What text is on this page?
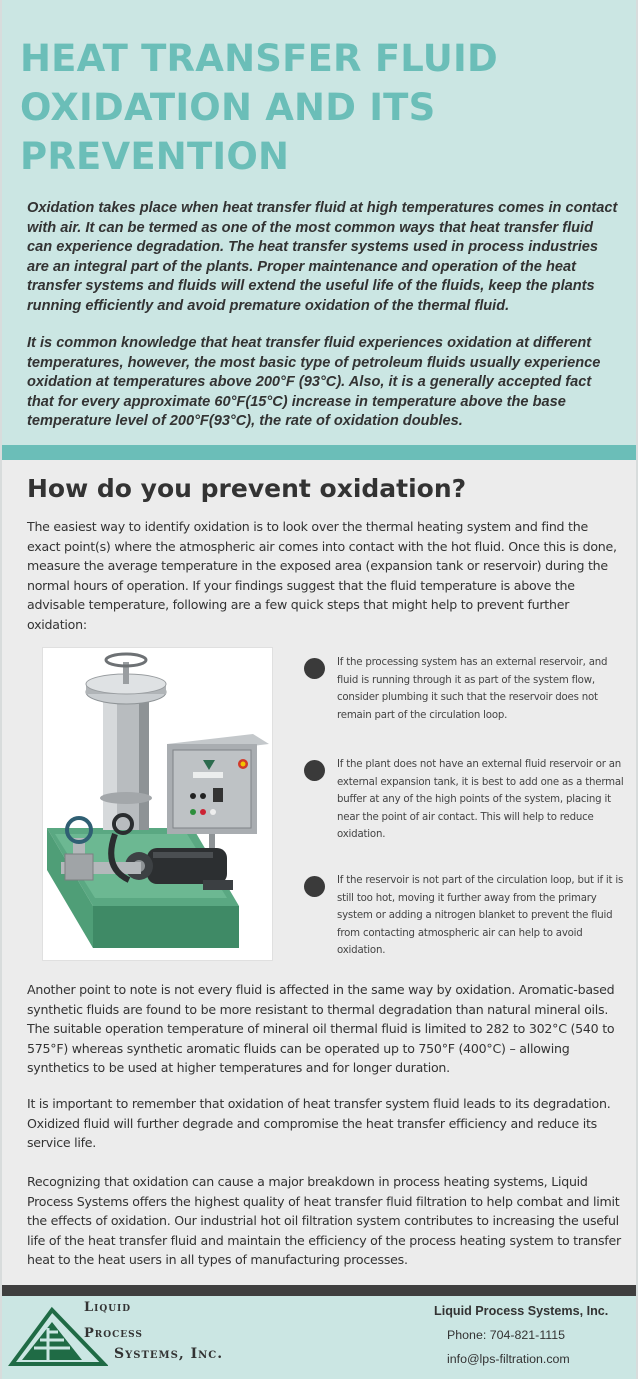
HEAT TRANSFER FLUID
OXIDATION AND ITS
PREVENTION

Oxidation takes place when heat transfer fluid at high temperatures comes in contact with air. It can be termed as one of the most common ways that heat transfer fluid can experience degradation. The heat transfer systems used in process industries are an integral part of the plants. Proper maintenance and operation of the heat transfer systems and fluids will extend the useful life of the fluids, keep the plants running efficiently and avoid premature oxidation of the thermal fluid.

It is common knowledge that heat transfer fluid experiences oxidation at different temperatures, however, the most basic type of petroleum fluids usually experience oxidation at temperatures above 200°F (93°C). Also, it is a generally accepted fact that for every approximate 60°F(15°C) increase in temperature above the base temperature level of 200°F(93°C), the rate of oxidation doubles.

How do you prevent oxidation?

The easiest way to identify oxidation is to look over the thermal heating system and find the exact point(s) where the atmospheric air comes into contact with the hot fluid. Once this is done, measure the average temperature in the exposed area (expansion tank or reservoir) during the normal hours of operation. If your findings suggest that the fluid temperature is above the advisable temperature, following are a few quick steps that might help to prevent further oxidation:

If the processing system has an external reservoir, and fluid is running through it as part of the system flow, consider plumbing it such that the reservoir does not remain part of the circulation loop.

If the plant does not have an external fluid reservoir or an external expansion tank, it is best to add one as a thermal buffer at any of the high points of the system, placing it near the point of air contact. This will help to reduce oxidation.

If the reservoir is not part of the circulation loop, but if it is still too hot, moving it further away from the primary system or adding a nitrogen blanket to prevent the fluid from contacting atmospheric air can help to avoid oxidation.

Another point to note is not every fluid is affected in the same way by oxidation. Aromatic-based synthetic fluids are found to be more resistant to thermal degradation than natural mineral oils. The suitable operation temperature of mineral oil thermal fluid is limited to 282 to 302°C (540 to 575°F) whereas synthetic aromatic fluids can be operated up to 750°F (400°C) – allowing synthetics to be used at higher temperatures and for longer duration.

It is important to remember that oxidation of heat transfer system fluid leads to its degradation. Oxidized fluid will further degrade and compromise the heat transfer efficiency and reduce its service life.

Recognizing that oxidation can cause a major breakdown in process heating systems, Liquid Process Systems offers the highest quality of heat transfer fluid filtration to help combat and limit the effects of oxidation. Our industrial hot oil filtration system contributes to increasing the useful life of the heat transfer fluid and maintain the efficiency of the process heating system to transfer heat to the heat users in all types of manufacturing processes.

Liquid
Process
Systems, Inc.
Liquid Process Systems, Inc.
Phone: 704-821-1115
info@lps-filtration.com
